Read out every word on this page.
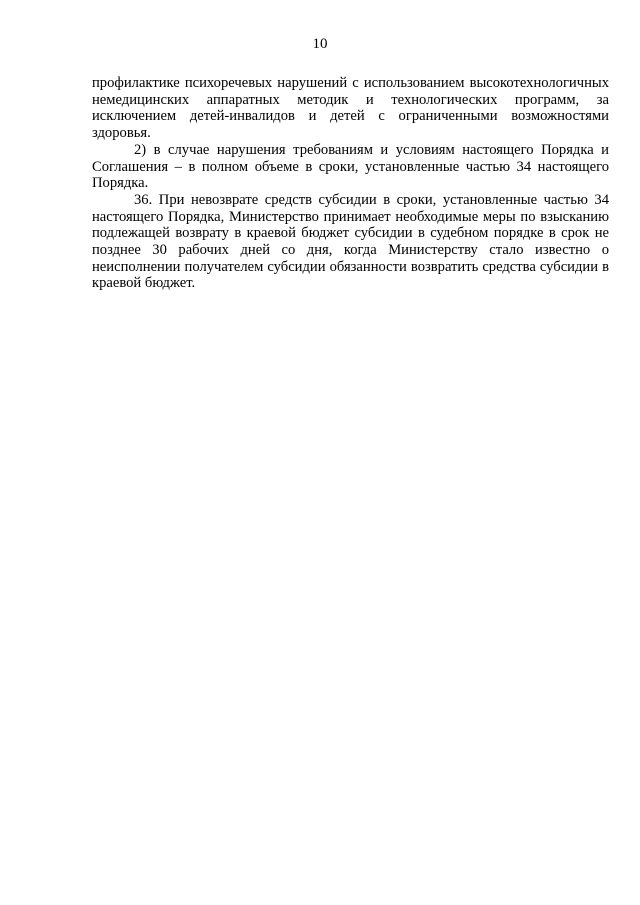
10

профилактике психоречевых нарушений с использованием высокотехнологичных немедицинских аппаратных методик и технологических программ, за исключением детей-инвалидов и детей с ограниченными возможностями здоровья.

2) в случае нарушения требованиям и условиям настоящего Порядка и Соглашения – в полном объеме в сроки, установленные частью 34 настоящего Порядка.

36. При невозврате средств субсидии в сроки, установленные частью 34 настоящего Порядка, Министерство принимает необходимые меры по взысканию подлежащей возврату в краевой бюджет субсидии в судебном порядке в срок не позднее 30 рабочих дней со дня, когда Министерству стало известно о неисполнении получателем субсидии обязанности возвратить средства субсидии в краевой бюджет.
